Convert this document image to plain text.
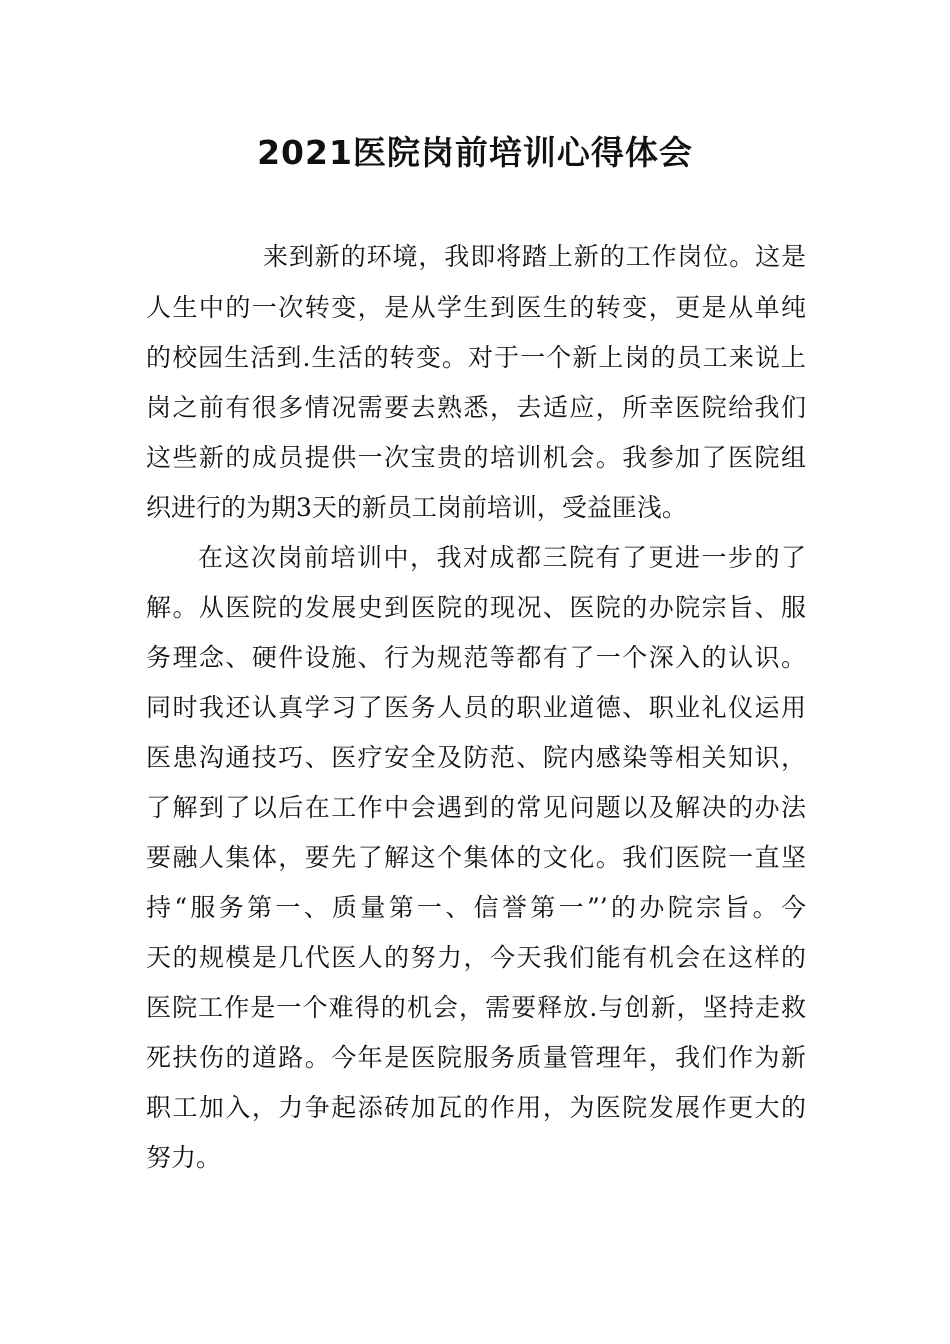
2021医院岗前培训心得体会

来到新的环境，我即将踏上新的工作岗位。这是

人生中的一次转变，是从学生到医生的转变，更是从单纯

的校园生活到.生活的转变。对于一个新上岗的员工来说上

岗之前有很多情况需要去熟悉，去适应，所幸医院给我们

这些新的成员提供一次宝贵的培训机会。我参加了医院组

织进行的为期3天的新员工岗前培训，受益匪浅。

在这次岗前培训中，我对成都三院有了更进一步的了

解。从医院的发展史到医院的现况、医院的办院宗旨、服

务理念、硬件设施、行为规范等都有了一个深入的认识。

同时我还认真学习了医务人员的职业道德、职业礼仪运用

医患沟通技巧、医疗安全及防范、院内感染等相关知识，

了解到了以后在工作中会遇到的常见问题以及解决的办法

要融人集体，要先了解这个集体的文化。我们医院一直坚

持“服务第一、质量第一、信誉第一”’的办院宗旨。今

天的规模是几代医人的努力，今天我们能有机会在这样的

医院工作是一个难得的机会，需要释放.与创新，坚持走救

死扶伤的道路。今年是医院服务质量管理年，我们作为新

职工加入，力争起添砖加瓦的作用，为医院发展作更大的

努力。
